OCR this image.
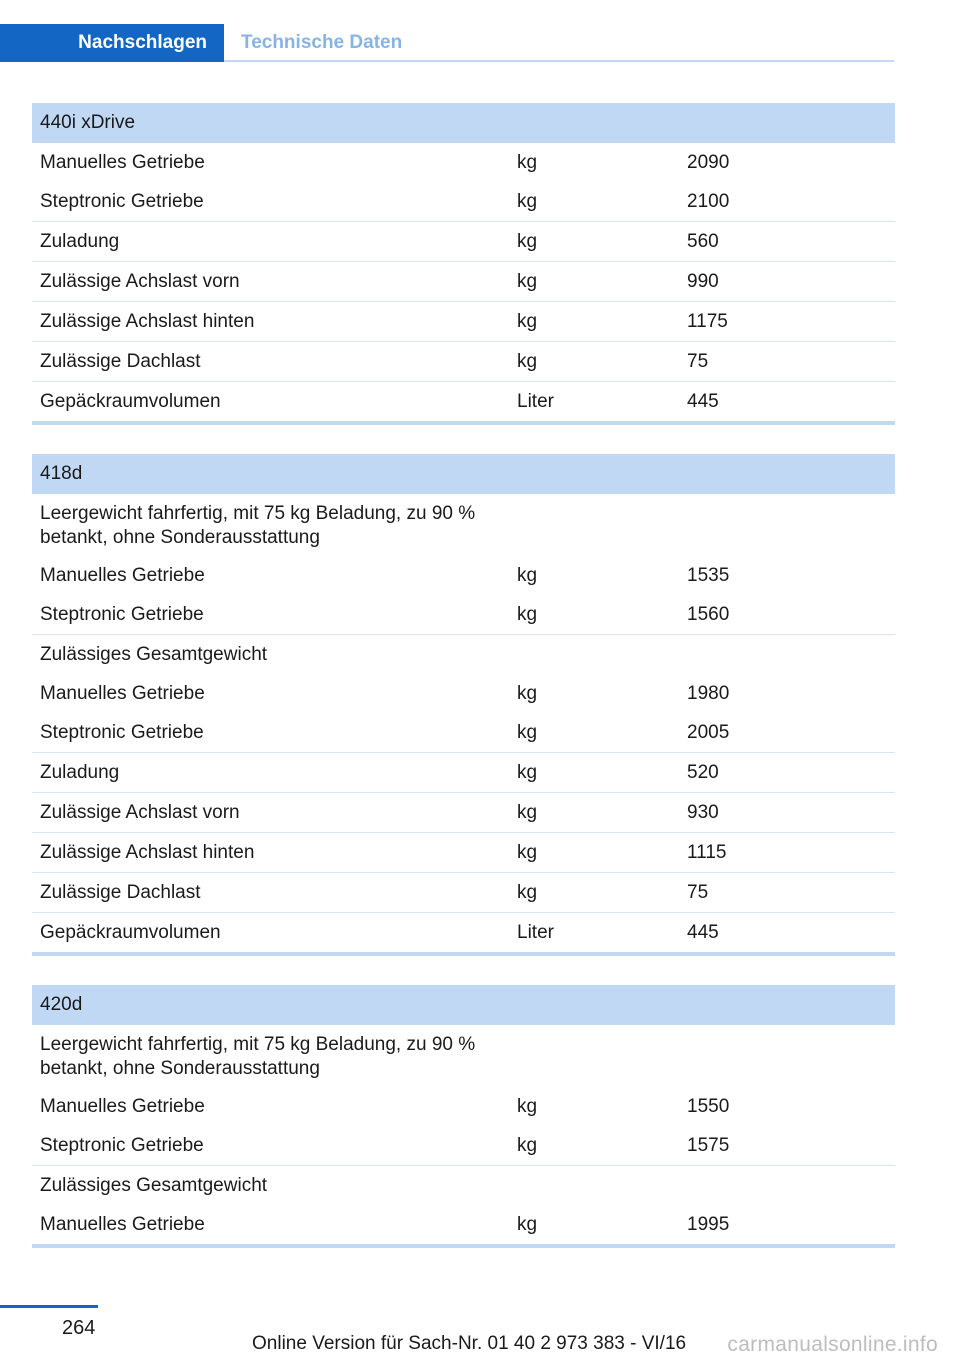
Nachschlagen	Technische Daten
440i xDrive
Manuelles Getriebe	kg	2090
Steptronic Getriebe	kg	2100
Zuladung	kg	560
Zulässige Achslast vorn	kg	990
Zulässige Achslast hinten	kg	1175
Zulässige Dachlast	kg	75
Gepäckraumvolumen	Liter	445
418d
Leergewicht fahrfertig, mit 75 kg Beladung, zu 90 % betankt, ohne Sonderausstattung
Manuelles Getriebe	kg	1535
Steptronic Getriebe	kg	1560
Zulässiges Gesamtgewicht
Manuelles Getriebe	kg	1980
Steptronic Getriebe	kg	2005
Zuladung	kg	520
Zulässige Achslast vorn	kg	930
Zulässige Achslast hinten	kg	1115
Zulässige Dachlast	kg	75
Gepäckraumvolumen	Liter	445
420d
Leergewicht fahrfertig, mit 75 kg Beladung, zu 90 % betankt, ohne Sonderausstattung
Manuelles Getriebe	kg	1550
Steptronic Getriebe	kg	1575
Zulässiges Gesamtgewicht
Manuelles Getriebe	kg	1995
264
Online Version für Sach-Nr. 01 40 2 973 383 - VI/16 carmanualsonline.info
